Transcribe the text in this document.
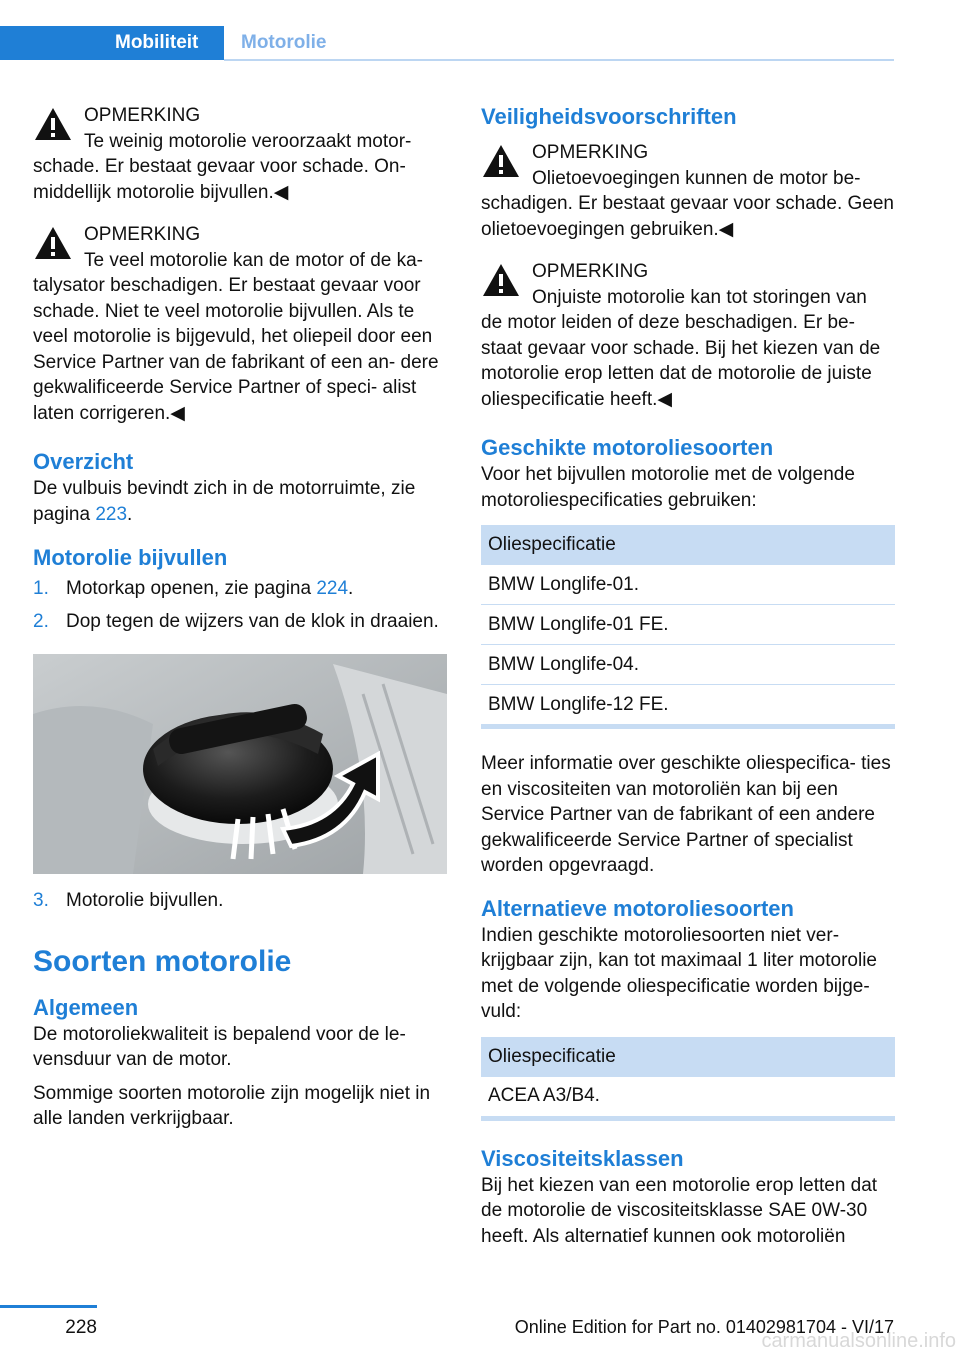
Mobiliteit	Motorolie

OPMERKING

Te weinig motorolie veroorzaakt motor-

schade. Er bestaat gevaar voor schade. On- middellijk motorolie bijvullen.◀

OPMERKING

Te veel motorolie kan de motor of de ka-

talysator beschadigen. Er bestaat gevaar voor schade. Niet te veel motorolie bijvullen. Als te veel motorolie is bijgevuld, het oliepeil door een Service Partner van de fabrikant of een an- dere gekwalificeerde Service Partner of speci- alist laten corrigeren.◀

Overzicht

De vulbuis bevindt zich in de motorruimte, zie pagina 223.

Motorolie bijvullen
1. Motorkap openen, zie pagina 224.
2. Dop tegen de wijzers van de klok in draaien.
3. Motorolie bijvullen.
Soorten motorolie
Algemeen

De motoroliekwaliteit is bepalend voor de le- vensduur van de motor.

Sommige soorten motorolie zijn mogelijk niet in alle landen verkrijgbaar.

Veiligheidsvoorschriften

OPMERKING

Olietoevoegingen kunnen de motor be-

schadigen. Er bestaat gevaar voor schade. Geen olietoevoegingen gebruiken.◀

OPMERKING

Onjuiste motorolie kan tot storingen van

de motor leiden of deze beschadigen. Er be- staat gevaar voor schade. Bij het kiezen van de motorolie erop letten dat de motorolie de juiste oliespecificatie heeft.◀

Geschikte motoroliesoorten

Voor het bijvullen motorolie met de volgende motoroliespecificaties gebruiken:

Oliespecificatie
BMW Longlife-01.
BMW Longlife-01 FE.
BMW Longlife-04.
BMW Longlife-12 FE.

Meer informatie over geschikte oliespecifica- ties en viscositeiten van motoroliën kan bij een Service Partner van de fabrikant of een andere gekwalificeerde Service Partner of specialist worden opgevraagd.

Alternatieve motoroliesoorten

Indien geschikte motoroliesoorten niet ver- krijgbaar zijn, kan tot maximaal 1 liter motorolie met de volgende oliespecificatie worden bijge- vuld:

Oliespecificatie
ACEA A3/B4.
Viscositeitsklassen

Bij het kiezen van een motorolie erop letten dat de motorolie de viscositeitsklasse SAE 0W-30 heeft. Als alternatief kunnen ook motoroliën

228	Online Edition for Part no. 01402981704 - VI/17
carmanualsonline.info
